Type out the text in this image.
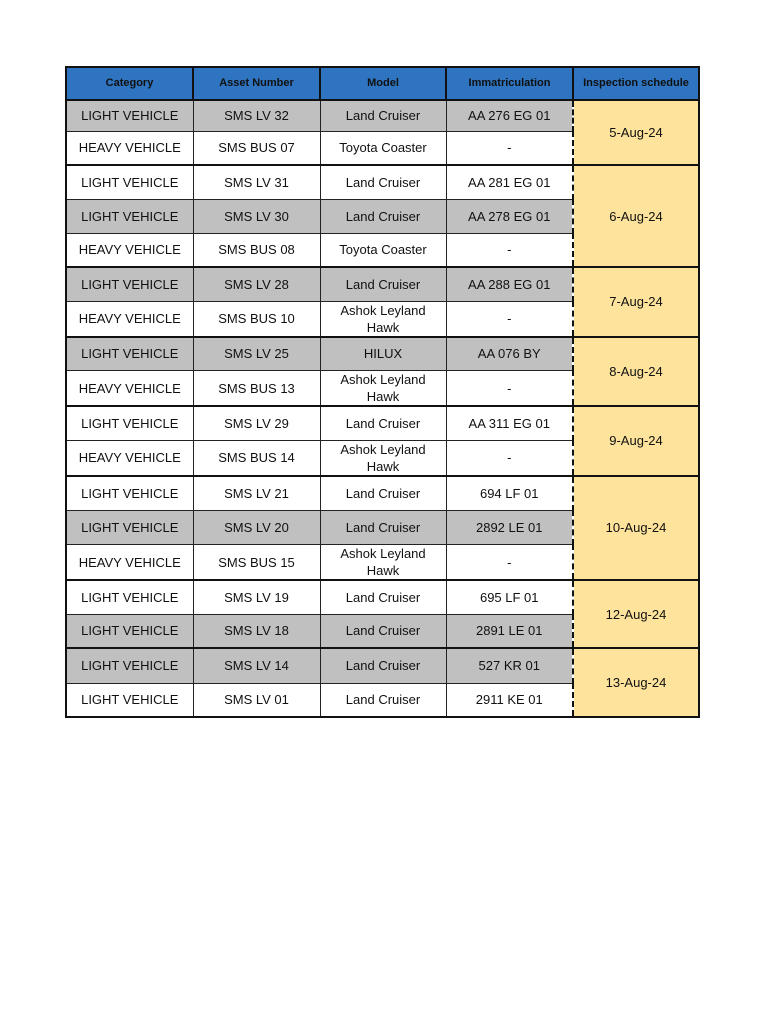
Category	Asset Number	Model	Immatriculation	Inspection schedule
LIGHT VEHICLE	SMS LV 32	Land Cruiser	AA 276 EG 01	5-Aug-24
HEAVY VEHICLE	SMS BUS 07	Toyota Coaster	-	
LIGHT VEHICLE	SMS LV 31	Land Cruiser	AA 281 EG 01	6-Aug-24
LIGHT VEHICLE	SMS LV 30	Land Cruiser	AA 278 EG 01	
HEAVY VEHICLE	SMS BUS 08	Toyota Coaster	-	
LIGHT VEHICLE	SMS LV 28	Land Cruiser	AA 288 EG 01	7-Aug-24
HEAVY VEHICLE	SMS BUS 10	Ashok Leyland Hawk	-	
LIGHT VEHICLE	SMS LV 25	HILUX	AA 076 BY	8-Aug-24
HEAVY VEHICLE	SMS BUS 13	Ashok Leyland Hawk	-	
LIGHT VEHICLE	SMS LV 29	Land Cruiser	AA 311 EG 01	9-Aug-24
HEAVY VEHICLE	SMS BUS 14	Ashok Leyland Hawk	-	
LIGHT VEHICLE	SMS LV 21	Land Cruiser	694 LF 01	10-Aug-24
LIGHT VEHICLE	SMS LV 20	Land Cruiser	2892 LE 01	
HEAVY VEHICLE	SMS BUS 15	Ashok Leyland Hawk	-	
LIGHT VEHICLE	SMS LV 19	Land Cruiser	695 LF 01	12-Aug-24
LIGHT VEHICLE	SMS LV 18	Land Cruiser	2891 LE 01	
LIGHT VEHICLE	SMS LV 14	Land Cruiser	527 KR 01	13-Aug-24
LIGHT VEHICLE	SMS LV 01	Land Cruiser	2911 KE 01	
